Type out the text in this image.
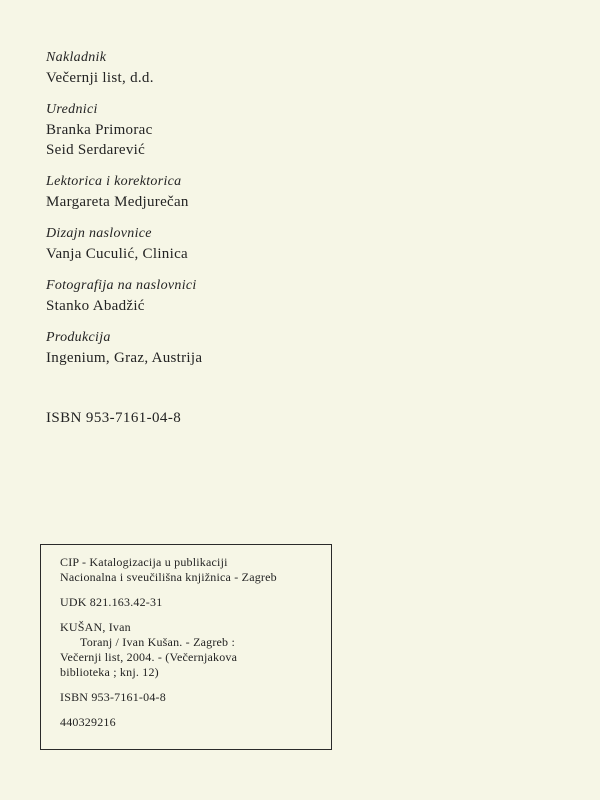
Nakladnik
Večernji list, d.d.
Urednici
Branka Primorac
Seid Serdarević
Lektorica i korektorica
Margareta Medjurečan
Dizajn naslovnice
Vanja Cuculić, Clinica
Fotografija na naslovnici
Stanko Abadžić
Produkcija
Ingenium, Graz, Austrija
ISBN 953-7161-04-8
CIP - Katalogizacija u publikaciji
Nacionalna i sveučilišna knjižnica - Zagreb
UDK 821.163.42-31
KUŠAN, Ivan
Toranj / Ivan Kušan. - Zagreb :
Večernji list, 2004. - (Večernjakova
biblioteka ; knj. 12)
ISBN 953-7161-04-8
440329216
